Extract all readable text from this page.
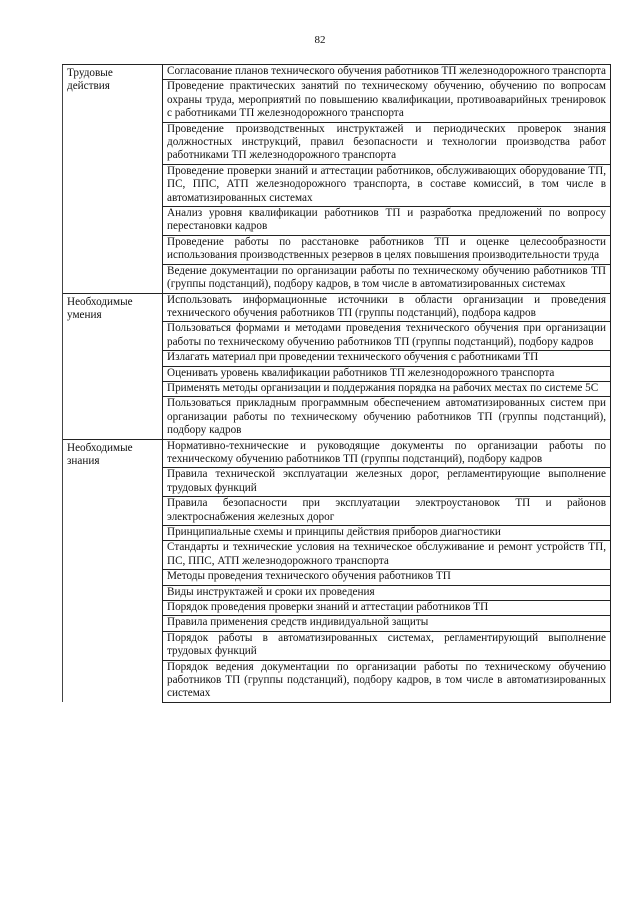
82
Трудовые действия	Согласование планов технического обучения работников ТП железнодорожного транспорта
	Проведение практических занятий по техническому обучению, обучению по вопросам охраны труда, мероприятий по повышению квалификации, противоаварийных тренировок с работниками ТП железнодорожного транспорта
	Проведение производственных инструктажей и периодических проверок знания должностных инструкций, правил безопасности и технологии производства работ работниками ТП железнодорожного транспорта
	Проведение проверки знаний и аттестации работников, обслуживающих оборудование ТП, ПС, ППС, АТП железнодорожного транспорта, в составе комиссий, в том числе в автоматизированных системах
	Анализ уровня квалификации работников ТП и разработка предложений по вопросу перестановки кадров
	Проведение работы по расстановке работников ТП и оценке целесообразности использования производственных резервов в целях повышения производительности труда
	Ведение документации по организации работы по техническому обучению работников ТП (группы подстанций), подбору кадров, в том числе в автоматизированных системах
Необходимые умения	Использовать информационные источники в области организации и проведения технического обучения работников ТП (группы подстанций), подбора кадров
	Пользоваться формами и методами проведения технического обучения при организации работы по техническому обучению работников ТП (группы подстанций), подбору кадров
	Излагать материал при проведении технического обучения с работниками ТП
	Оценивать уровень квалификации работников ТП железнодорожного транспорта
	Применять методы организации и поддержания порядка на рабочих местах по системе 5С
	Пользоваться прикладным программным обеспечением автоматизированных систем при организации работы по техническому обучению работников ТП (группы подстанций), подбору кадров
Необходимые знания	Нормативно-технические и руководящие документы по организации работы по техническому обучению работников ТП (группы подстанций), подбору кадров
	Правила технической эксплуатации железных дорог, регламентирующие выполнение трудовых функций
	Правила безопасности при эксплуатации электроустановок ТП и районов электроснабжения железных дорог
	Принципиальные схемы и принципы действия приборов диагностики
	Стандарты и технические условия на техническое обслуживание и ремонт устройств ТП, ПС, ППС, АТП железнодорожного транспорта
	Методы проведения технического обучения работников ТП
	Виды инструктажей и сроки их проведения
	Порядок проведения проверки знаний и аттестации работников ТП
	Правила применения средств индивидуальной защиты
	Порядок работы в автоматизированных системах, регламентирующий выполнение трудовых функций
	Порядок ведения документации по организации работы по техническому обучению работников ТП (группы подстанций), подбору кадров, в том числе в автоматизированных системах
